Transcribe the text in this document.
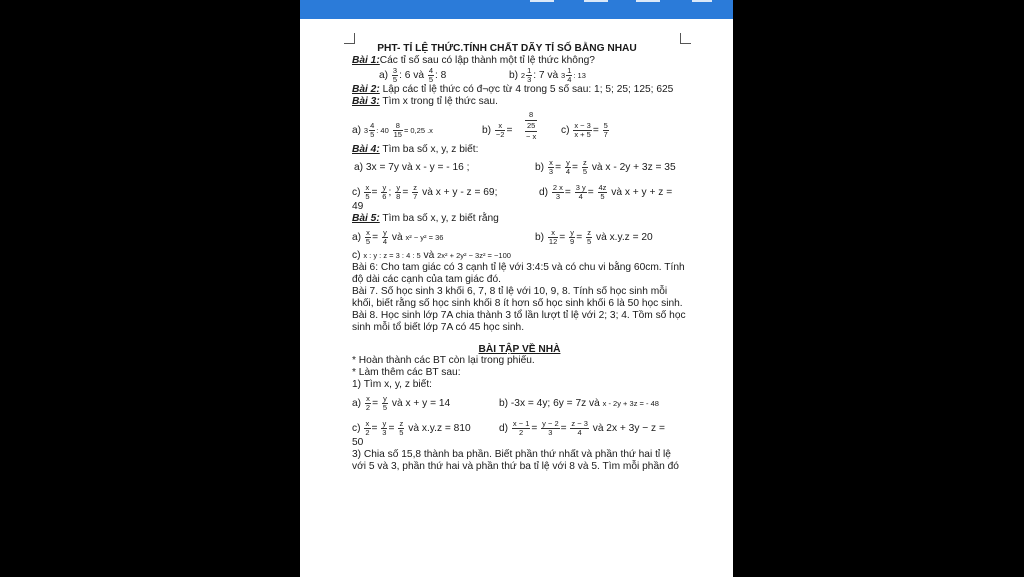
PHT- TỈ LỆ THỨC.TÍNH CHẤT DÃY TỈ SỐ BẰNG NHAU
Bài 1:Các tỉ số sau có lập thành một tỉ lệ thức không?
$a) \frac{3}{5}$ : 6 và $\frac{4}{5}$ : 8	b) $2 \frac{1}{3}$ : 7 và $3 \frac{1}{4}$ : 13
Bài 2: Lập các tỉ lệ thức có đ¬ợc từ 4 trong 5 số sau: 1; 5; 25; 125; 625
Bài 3: Tìm x trong tỉ lệ thức sau.
a) $3 \frac{4}{5}$ : $40 \frac{8}{15} = 0,25$ .x	$b) \frac{x}{-2}$ =
8
25
− x
$c) \frac{x - 3}{x + 5} = \frac{5}{7}$
Bài 4: Tìm ba số x, y, z biết:
a) 3x = 7y và x - y = - 16 ;	$b) \frac{x}{3} = \frac{y}{4} = \frac{z}{5}$ và x - 2y + 3z = 35
$c) \frac{x}{5} = \frac{y}{6}$ ; $\frac{y}{8} = \frac{z}{7}$ và x + y - z = 69;	$d) \frac{2 x}{3} = \frac{3 y}{4} = \frac{4z}{5}$ và x + y + z =
49
Bài 5: Tìm ba số x, y, z biết rằng
$a) \frac{x}{5} = \frac{y}{4}$ và x² − y² = 36	$b) \frac{x}{12} = \frac{y}{9} = \frac{z}{5}$ và x.y.z = 20
c) x : y : z = 3 : 4 : 5 và 2x² + 2y² − 3z² = −100
Bài 6: Cho tam giác có 3 cạnh tỉ lệ với 3:4:5 và có chu vi bằng 60cm. Tính độ dài các cạnh của tam giác đó.
Bài 7. Số học sinh 3 khối 6, 7, 8 tỉ lệ với 10, 9, 8. Tính số học sinh mỗi khối, biết rằng số học sinh khối 8 ít hơn số học sinh khối 6 là 50 học sinh.
Bài 8. Học sinh lớp 7A chia thành 3 tổ lần lượt tỉ lệ với 2; 3; 4. Tồm số học sinh mỗi tổ biết lớp 7A có 45 học sinh.
BÀI TẬP VỀ NHÀ
* Hoàn thành các BT còn lại trong phiếu.
* Làm thêm các BT sau:
1) Tìm x, y, z biết:
$a) \frac{x}{2} = \frac{y}{5}$ và x + y = 14	b) -3x = 4y; 6y = 7z và x - 2y + 3z = - 48
$c) \frac{x}{2} = \frac{y}{3} = \frac{z}{5}$ và x.y.z = 810	$d) \frac{x - 1}{2} = \frac{y - 2}{3} = \frac{z - 3}{4}$ và 2x + 3y − z =
50
3) Chia số 15,8 thành ba phần. Biết phần thứ nhất và phần thứ hai tỉ lệ với 5 và 3, phần thứ hai và phần thứ ba tỉ lệ với 8 và 5. Tìm mỗi phần đó
